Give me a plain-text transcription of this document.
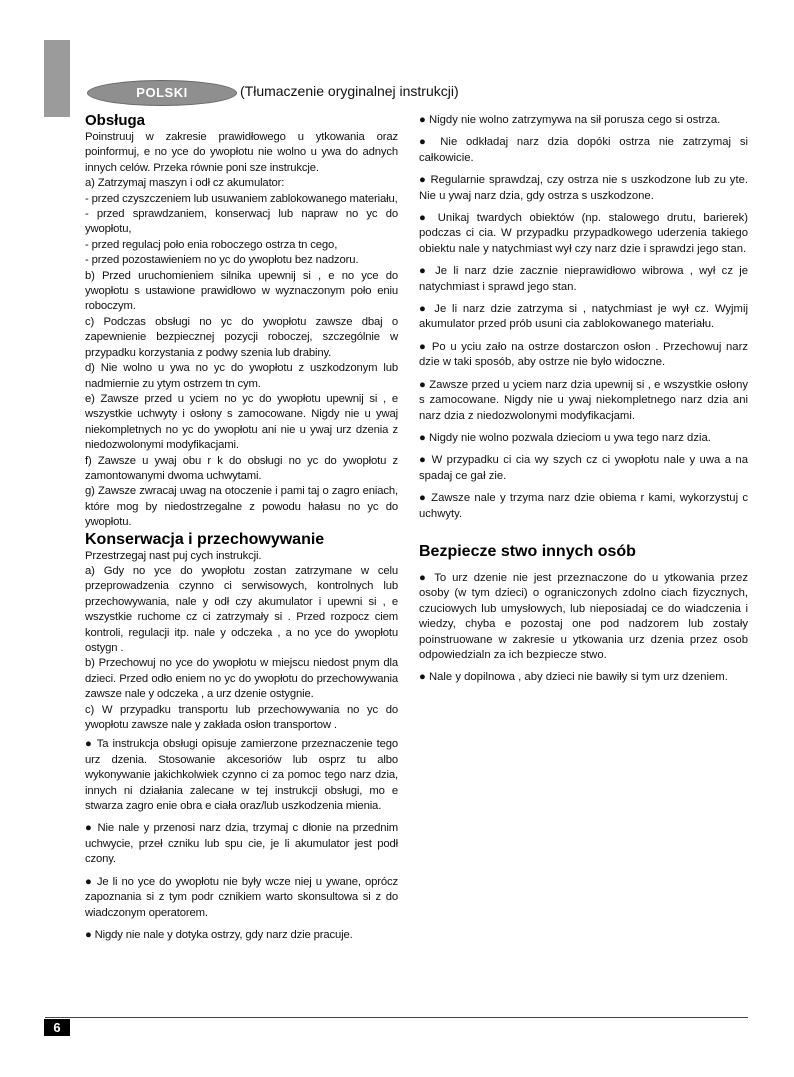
POLSKI	(Tłumaczenie oryginalnej instrukcji)
Obsługa

Poinstruuj w zakresie prawidłowego u ytkowania oraz poinformuj, e no yce do ywopłotu nie wolno u ywa do adnych innych celów. Przeka równie poni sze instrukcje.

a) Zatrzymaj maszyn i odł cz akumulator:

- przed czyszczeniem lub usuwaniem zablokowanego materiału,

- przed sprawdzaniem, konserwacj lub napraw no yc do ywopłotu,

- przed regulacj poło enia roboczego ostrza tn cego,

- przed pozostawieniem no yc do ywopłotu bez nadzoru.

b) Przed uruchomieniem silnika upewnij si , e no yce do ywopłotu s ustawione prawidłowo w wyznaczonym poło eniu roboczym.

c) Podczas obsługi no yc do ywopłotu zawsze dbaj o zapewnienie bezpiecznej pozycji roboczej, szczególnie w przypadku korzystania z podwy szenia lub drabiny.

d) Nie wolno u ywa no yc do ywopłotu z uszkodzonym lub nadmiernie zu ytym ostrzem tn cym.

e) Zawsze przed u yciem no yc do ywopłotu upewnij si , e wszystkie uchwyty i osłony s zamocowane. Nigdy nie u ywaj niekompletnych no yc do ywopłotu ani nie u ywaj urz dzenia z niedozwolonymi modyfikacjami.

f) Zawsze u ywaj obu r k do obsługi no yc do ywopłotu z zamontowanymi dwoma uchwytami.

g) Zawsze zwracaj uwag na otoczenie i pami taj o zagro eniach, które mog by niedostrzegalne z powodu hałasu no yc do ywopłotu.

Konserwacja i przechowywanie

Przestrzegaj nast puj cych instrukcji.

a) Gdy no yce do ywopłotu zostan zatrzymane w celu przeprowadzenia czynno ci serwisowych, kontrolnych lub przechowywania, nale y odł czy akumulator i upewni si , e wszystkie ruchome cz ci zatrzymały si . Przed rozpocz ciem kontroli, regulacji itp. nale y odczeka , a no yce do ywopłotu ostygn .

b) Przechowuj no yce do ywopłotu w miejscu niedost pnym dla dzieci. Przed odło eniem no yc do ywopłotu do przechowywania zawsze nale y odczeka , a urz dzenie ostygnie.

c) W przypadku transportu lub przechowywania no yc do ywopłotu zawsze nale y zakłada osłon transportow .

● Ta instrukcja obsługi opisuje zamierzone przeznaczenie tego urz dzenia. Stosowanie akcesoriów lub osprz tu albo wykonywanie jakichkolwiek czynno ci za pomoc tego narz dzia, innych ni działania zalecane w tej instrukcji obsługi, mo e stwarza zagro enie obra e ciała oraz/lub uszkodzenia mienia.

● Nie nale y przenosi narz dzia, trzymaj c dłonie na przednim uchwycie, przeł czniku lub spu cie, je li akumulator jest podł czony.

● Je li no yce do ywopłotu nie były wcze niej u ywane, oprócz zapoznania si z tym podr cznikiem warto skonsultowa si z do wiadczonym operatorem.

● Nigdy nie nale y dotyka ostrzy, gdy narz dzie pracuje.

● Nigdy nie wolno zatrzymywa na sił porusza cego si ostrza.

● Nie odkładaj narz dzia dopóki ostrza nie zatrzymaj si całkowicie.

● Regularnie sprawdzaj, czy ostrza nie s uszkodzone lub zu yte. Nie u ywaj narz dzia, gdy ostrza s uszkodzone.

● Unikaj twardych obiektów (np. stalowego drutu, barierek) podczas ci cia. W przypadku przypadkowego uderzenia takiego obiektu nale y natychmiast wył czy narz dzie i sprawdzi jego stan.

● Je li narz dzie zacznie nieprawidłowo wibrowa , wył cz je natychmiast i sprawd jego stan.

● Je li narz dzie zatrzyma si , natychmiast je wył cz. Wyjmij akumulator przed prób usuni cia zablokowanego materiału.

● Po u yciu zało na ostrze dostarczon osłon . Przechowuj narz dzie w taki sposób, aby ostrze nie było widoczne.

● Zawsze przed u yciem narz dzia upewnij si , e wszystkie osłony s zamocowane. Nigdy nie u ywaj niekompletnego narz dzia ani narz dzia z niedozwolonymi modyfikacjami.

● Nigdy nie wolno pozwala dzieciom u ywa tego narz dzia.

● W przypadku ci cia wy szych cz ci ywopłotu nale y uwa a na spadaj ce gał zie.

● Zawsze nale y trzyma narz dzie obiema r kami, wykorzystuj c uchwyty.

Bezpiecze stwo innych osób

● To urz dzenie nie jest przeznaczone do u ytkowania przez osoby (w tym dzieci) o ograniczonych zdolno ciach fizycznych, czuciowych lub umysłowych, lub nieposiadaj ce do wiadczenia i wiedzy, chyba e pozostaj one pod nadzorem lub zostały poinstruowane w zakresie u ytkowania urz dzenia przez osob odpowiedzialn za ich bezpiecze stwo.

● Nale y dopilnowa , aby dzieci nie bawiły si tym urz dzeniem.

6
